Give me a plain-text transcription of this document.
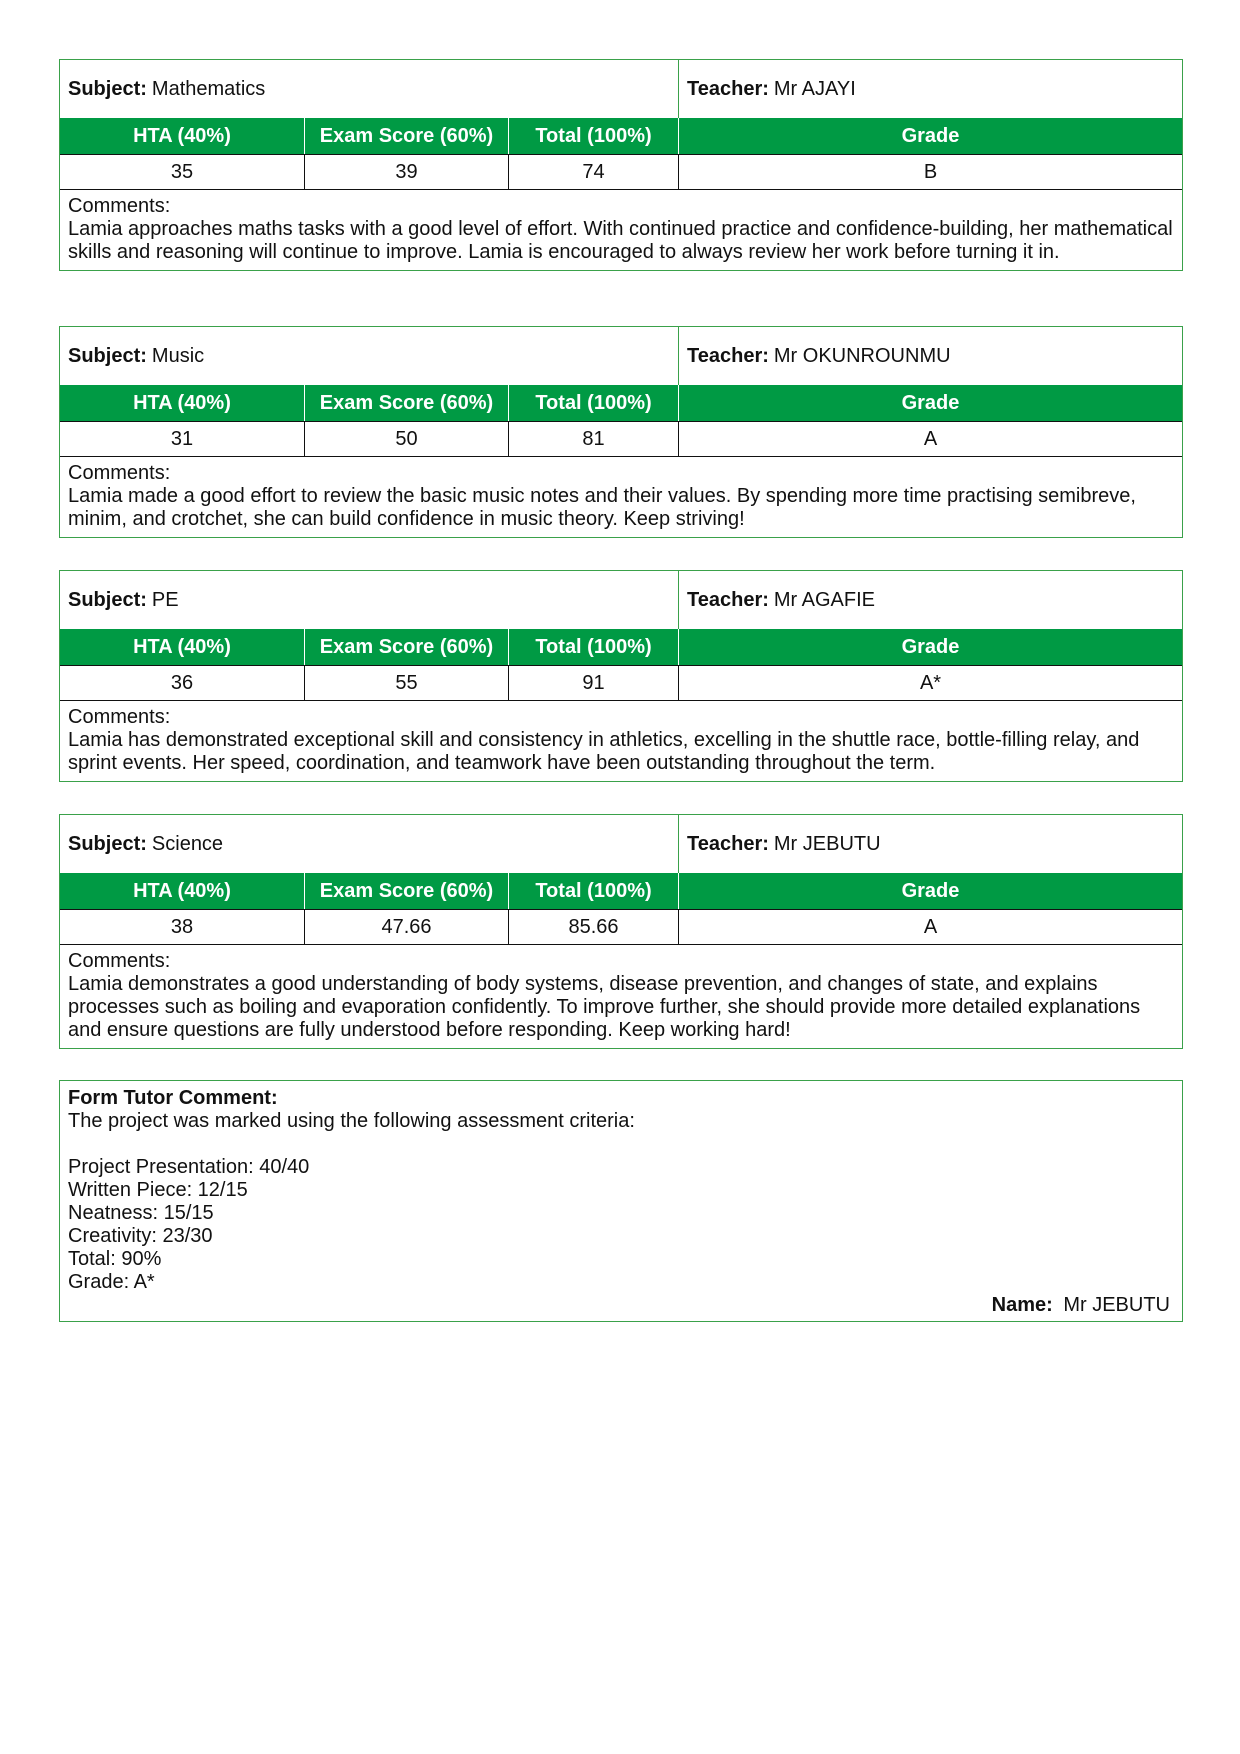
Subject: Mathematics	Teacher: Mr AJAYI
HTA (40%)	Exam Score (60%)	Total (100%)	Grade
35	39	74	B
Comments:
Lamia approaches maths tasks with a good level of effort. With continued practice and confidence-building, her mathematical skills and reasoning will continue to improve. Lamia is encouraged to always review her work before turning it in.
Subject: Music	Teacher: Mr OKUNROUNMU
HTA (40%)	Exam Score (60%)	Total (100%)	Grade
31	50	81	A
Comments:
Lamia made a good effort to review the basic music notes and their values. By spending more time practising semibreve, minim, and crotchet, she can build confidence in music theory. Keep striving!
Subject: PE	Teacher: Mr AGAFIE
HTA (40%)	Exam Score (60%)	Total (100%)	Grade
36	55	91	A*
Comments:
Lamia has demonstrated exceptional skill and consistency in athletics, excelling in the shuttle race, bottle-filling relay, and sprint events. Her speed, coordination, and teamwork have been outstanding throughout the term.
Subject: Science	Teacher: Mr JEBUTU
HTA (40%)	Exam Score (60%)	Total (100%)	Grade
38	47.66	85.66	A
Comments:
Lamia demonstrates a good understanding of body systems, disease prevention, and changes of state, and explains processes such as boiling and evaporation confidently. To improve further, she should provide more detailed explanations and ensure questions are fully understood before responding. Keep working hard!
Form Tutor Comment:
The project was marked using the following assessment criteria:
Project Presentation: 40/40
Written Piece: 12/15
Neatness: 15/15
Creativity: 23/30
Total: 90%
Grade: A*
Name: Mr JEBUTU
